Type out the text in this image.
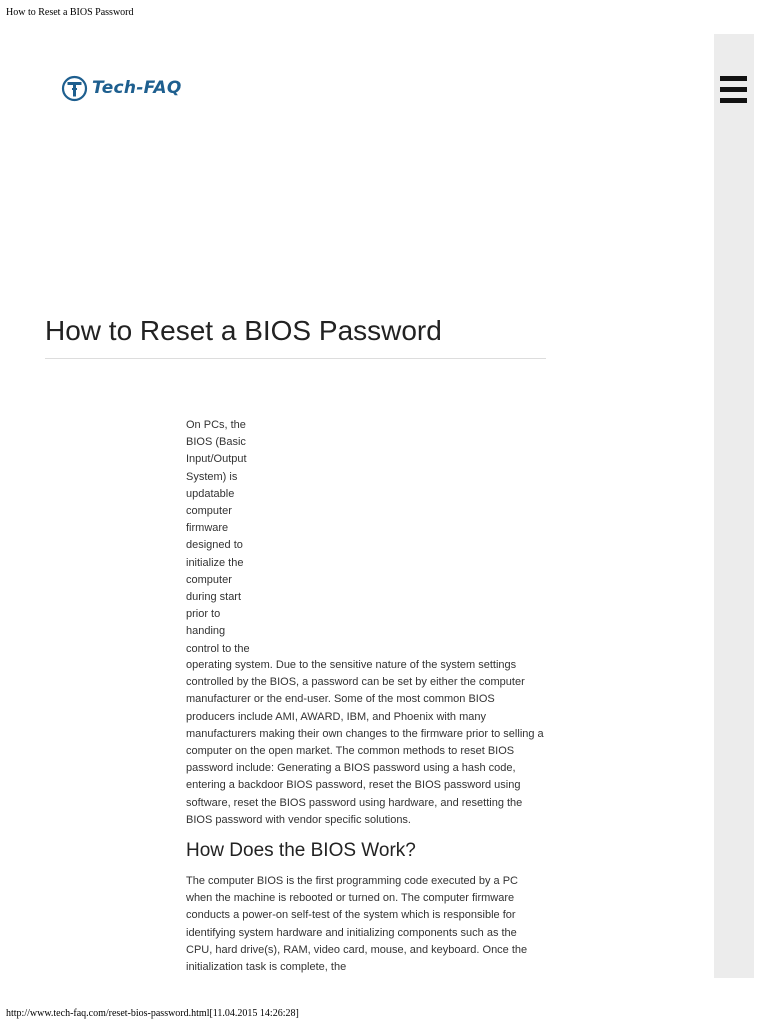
How to Reset a BIOS Password
Tech-FAQ
How to Reset a BIOS Password
On PCs, the
BIOS (Basic
Input/Output
System) is
updatable
computer
firmware
designed to
initialize the
computer
during start
prior to
handing
control to the

operating system. Due to the sensitive nature of the system settings controlled by the BIOS, a password can be set by either the computer manufacturer or the end-user. Some of the most common BIOS producers include AMI, AWARD, IBM, and Phoenix with many manufacturers making their own changes to the firmware prior to selling a computer on the open market. The common methods to reset BIOS password include: Generating a BIOS password using a hash code, entering a backdoor BIOS password, reset the BIOS password using software, reset the BIOS password using hardware, and resetting the BIOS password with vendor specific solutions.

How Does the BIOS Work?

The computer BIOS is the first programming code executed by a PC when the machine is rebooted or turned on. The computer firmware conducts a power-on self-test of the system which is responsible for identifying system hardware and initializing components such as the CPU, hard drive(s), RAM, video card, mouse, and keyboard. Once the initialization task is complete, the

http://www.tech-faq.com/reset-bios-password.html[11.04.2015 14:26:28]
